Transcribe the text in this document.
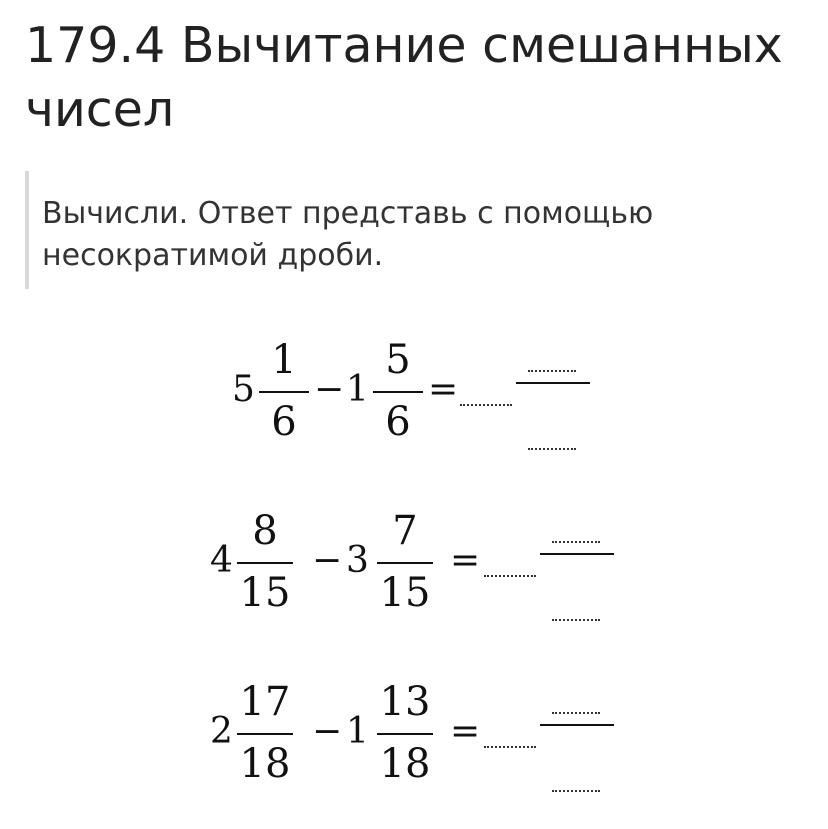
179.4 Вычитание смешанных чисел
Вычисли. Ответ представь с помощью несократимой дроби.
5
1
6
− 1
5
6
=
4
8
15
− 3
7
15
=
2
17
18
− 1
13
18
=
